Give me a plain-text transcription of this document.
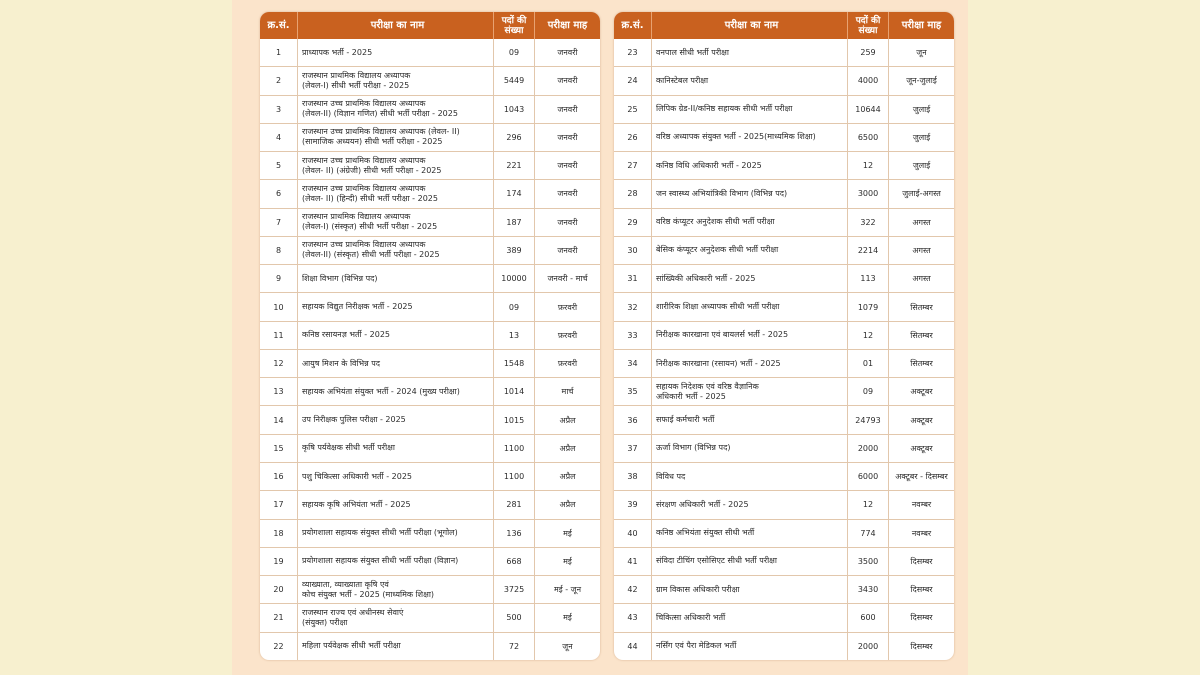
क्र.सं.	परीक्षा का नाम	पदों की संख्या	परीक्षा माह
1	प्राध्यापक भर्ती - 2025	09	जनवरी
2
राजस्थान प्राथमिक विद्यालय अध्यापक
(लेवल-I) सीधी भर्ती परीक्षा - 2025	5449	जनवरी
3
राजस्थान उच्च प्राथमिक विद्यालय अध्यापक
(लेवल-II) (विज्ञान गणित) सीधी भर्ती परीक्षा - 2025	1043	जनवरी
4
राजस्थान उच्च प्राथमिक विद्यालय अध्यापक (लेवल- II)
(सामाजिक अध्ययन) सीधी भर्ती परीक्षा - 2025	296	जनवरी
5
राजस्थान उच्च प्राथमिक विद्यालय अध्यापक
(लेवल- II) (अंग्रेजी) सीधी भर्ती परीक्षा - 2025	221	जनवरी
6
राजस्थान उच्च प्राथमिक विद्यालय अध्यापक
(लेवल- II) (हिन्दी) सीधी भर्ती परीक्षा - 2025	174	जनवरी
7
राजस्थान प्राथमिक विद्यालय अध्यापक
(लेवल-I) (संस्कृत) सीधी भर्ती परीक्षा - 2025	187	जनवरी
8
राजस्थान उच्च प्राथमिक विद्यालय अध्यापक
(लेवल-II) (संस्कृत) सीधी भर्ती परीक्षा - 2025	389	जनवरी
9	शिक्षा विभाग (विभिन्न पद)	10000	जनवरी - मार्च
10 सहायक विद्युत निरीक्षक भर्ती - 2025	09	फ़रवरी
11 कनिष्ठ रसायनज्ञ भर्ती - 2025	13	फ़रवरी
12 आयुष मिशन के विभिन्न पद	1548	फ़रवरी
13 सहायक अभियंता संयुक्त भर्ती - 2024 (मुख्य परीक्षा)	1014	मार्च
14 उप निरीक्षक पुलिस परीक्षा - 2025	1015	अप्रैल
15 कृषि पर्यवेक्षक सीधी भर्ती परीक्षा	1100	अप्रैल
16 पशु चिकित्सा अधिकारी भर्ती - 2025	1100	अप्रैल
17 सहायक कृषि अभियंता भर्ती - 2025	281	अप्रैल
18 प्रयोगशाला सहायक संयुक्त सीधी भर्ती परीक्षा (भूगोल)	136	मई
19 प्रयोगशाला सहायक संयुक्त सीधी भर्ती परीक्षा (विज्ञान)	668	मई
20
व्याख्याता, व्याख्याता कृषि एवं
कोच संयुक्त भर्ती - 2025 (माध्यमिक शिक्षा)	3725	मई - जून
21
राजस्थान राज्य एवं अधीनस्थ सेवाएं
(संयुक्त) परीक्षा	500	मई
22 महिला पर्यवेक्षक सीधी भर्ती परीक्षा	72	जून
क्र.सं.	परीक्षा का नाम	पदों की संख्या	परीक्षा माह
23 वनपाल सीधी भर्ती परीक्षा	259	जून
24 कानिस्टेबल परीक्षा	4000	जून-जुलाई
25 लिपिक ग्रेड-II/कनिष्ठ सहायक सीधी भर्ती परीक्षा	10644	जुलाई
26 वरिष्ठ अध्यापक संयुक्त भर्ती - 2025(माध्यमिक शिक्षा)	6500	जुलाई
27 कनिष्ठ विधि अधिकारी भर्ती - 2025	12	जुलाई
28 जन स्वास्थ्य अभियांत्रिकी विभाग (विभिन्न पद)	3000	जुलाई-अगस्त
29 वरिष्ठ कंप्यूटर अनुदेशक सीधी भर्ती परीक्षा	322	अगस्त
30 बेसिक कंप्यूटर अनुदेशक सीधी भर्ती परीक्षा	2214	अगस्त
31 सांख्यिकी अधिकारी भर्ती - 2025	113	अगस्त
32 शारीरिक शिक्षा अध्यापक सीधी भर्ती परीक्षा	1079	सितम्बर
33 निरीक्षक कारखाना एवं बायलर्स भर्ती - 2025	12	सितम्बर
34 निरीक्षक कारखाना (रसायन) भर्ती - 2025	01	सितम्बर
35
सहायक निदेशक एवं वरिष्ठ वैज्ञानिक
अधिकारी भर्ती - 2025	09	अक्टूबर
36 सफाई कर्मचारी भर्ती	24793	अक्टूबर
37 ऊर्जा विभाग (विभिन्न पद)	2000	अक्टूबर
38 विविध पद	6000 अक्टूबर - दिसम्बर
39 संरक्षण अधिकारी भर्ती - 2025	12	नवम्बर
40 कनिष्ठ अभियंता संयुक्त सीधी भर्ती	774	नवम्बर
41 संविदा टीचिंग एसोसिएट सीधी भर्ती परीक्षा	3500	दिसम्बर
42 ग्राम विकास अधिकारी परीक्षा	3430	दिसम्बर
43 चिकित्सा अधिकारी भर्ती	600	दिसम्बर
44 नर्सिंग एवं पैरा मेडिकल भर्ती	2000	दिसम्बर
